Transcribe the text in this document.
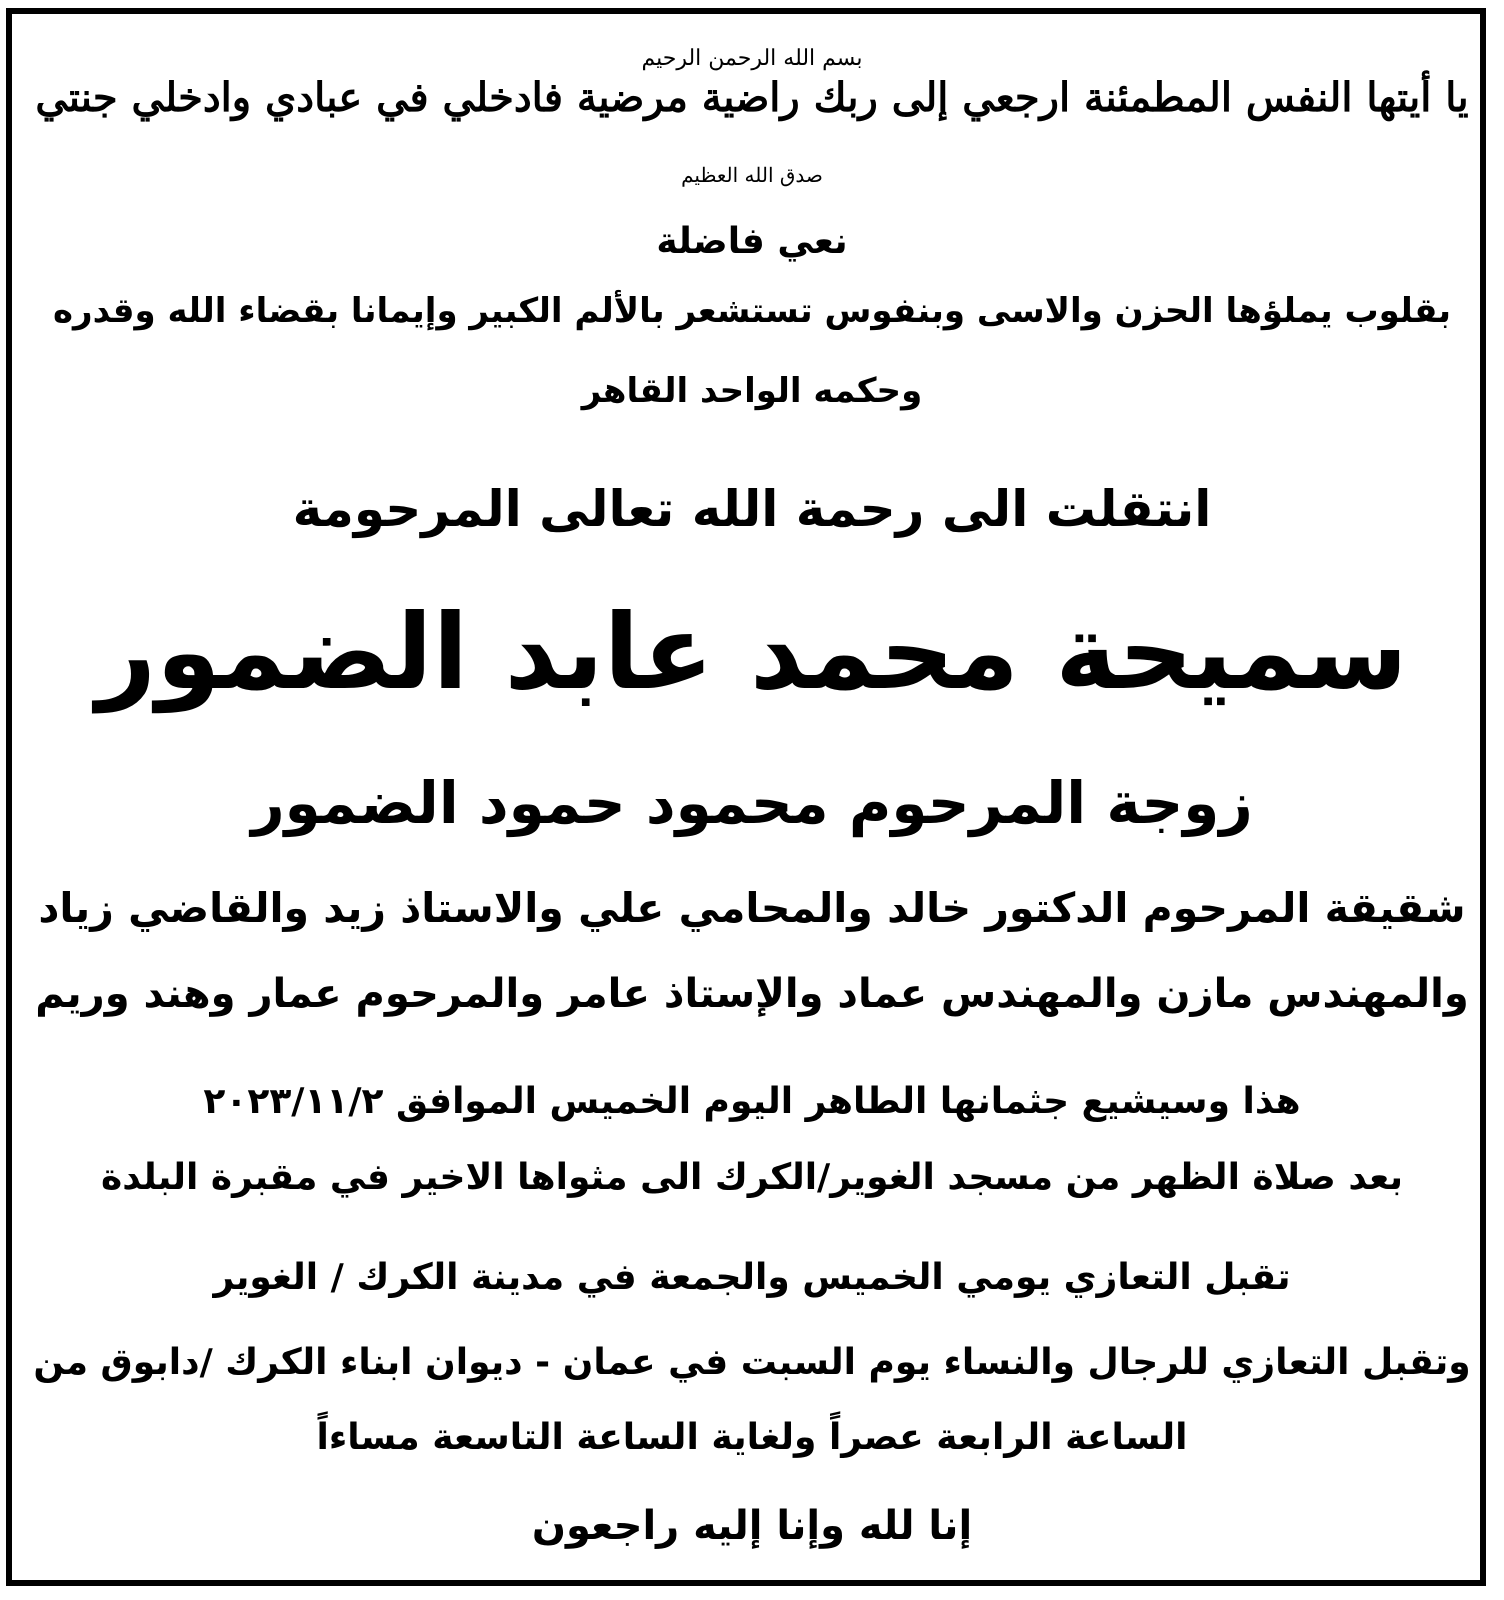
بسم الله الرحمن الرحيم
يا أيتها النفس المطمئنة ارجعي إلى ربك راضية مرضية فادخلي في عبادي وادخلي جنتي
صدق الله العظيم
نعي فاضلة
بقلوب يملؤها الحزن والاسى وبنفوس تستشعر بالألم الكبير وإيمانا بقضاء الله وقدره
وحكمه الواحد القاهر
انتقلت الى رحمة الله تعالى المرحومة
سميحة محمد عابد الضمور
زوجة المرحوم محمود حمود الضمور
شقيقة المرحوم الدكتور خالد والمحامي علي والاستاذ زيد والقاضي زياد
والمهندس مازن والمهندس عماد والإستاذ عامر والمرحوم عمار وهند وريم
هذا وسيشيع جثمانها الطاهر اليوم الخميس الموافق ٢٠٢٣/١١/٢
بعد صلاة الظهر من مسجد الغوير/الكرك الى مثواها الاخير في مقبرة البلدة
تقبل التعازي يومي الخميس والجمعة في مدينة الكرك / الغوير
وتقبل التعازي للرجال والنساء يوم السبت في عمان - ديوان ابناء الكرك /دابوق من
الساعة الرابعة عصراً ولغاية الساعة التاسعة مساءاً
إنا لله وإنا إليه راجعون
